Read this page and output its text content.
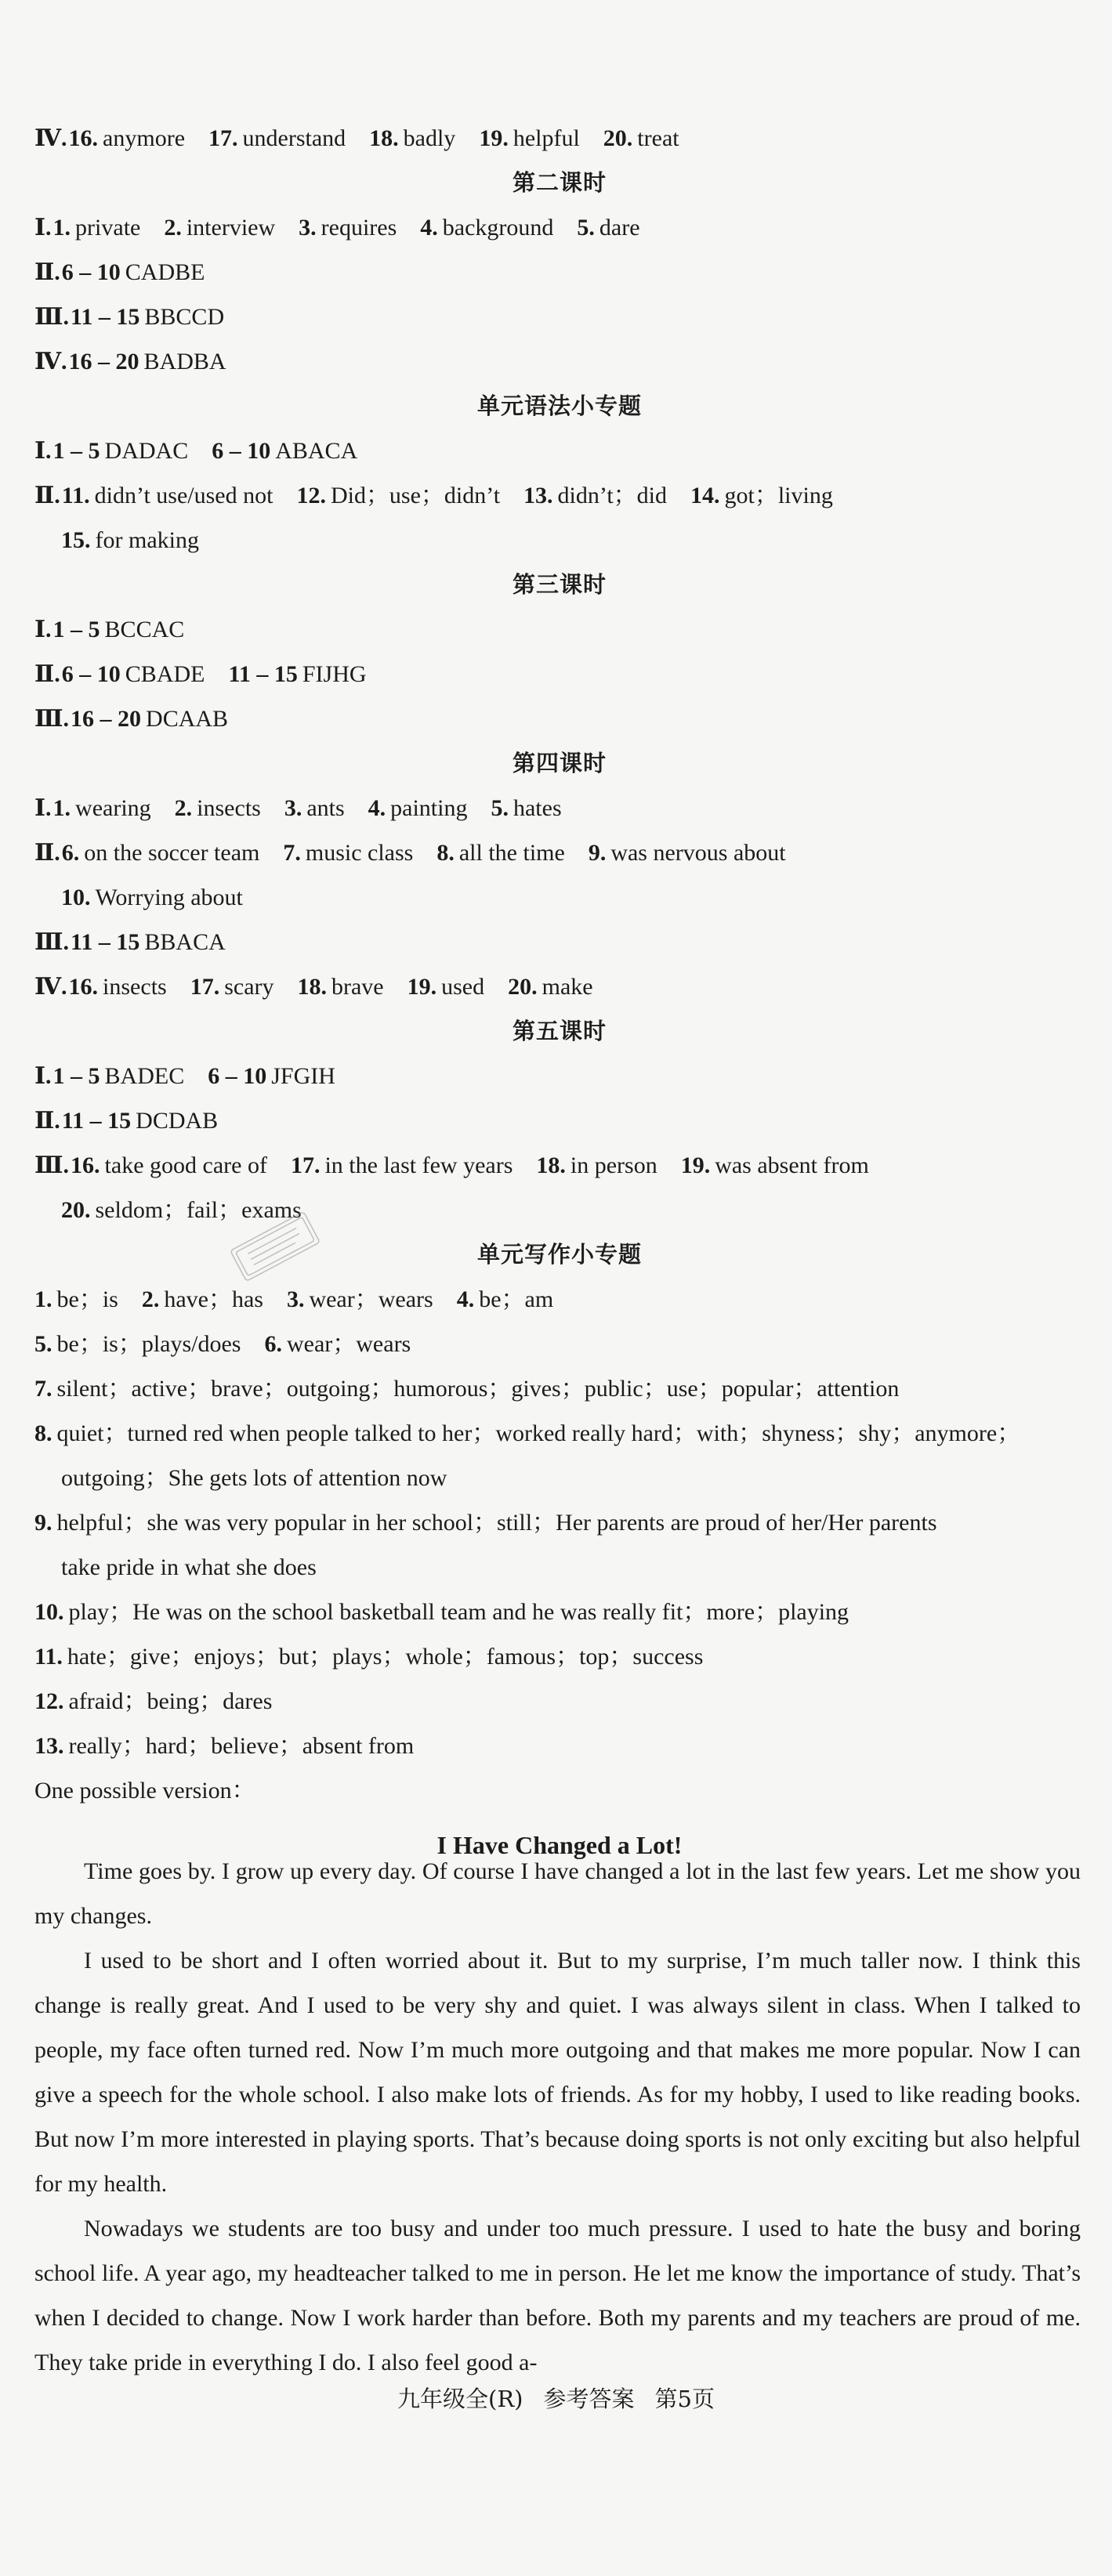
Ⅳ.16. anymore 17. understand 18. badly 19. helpful 20. treat
第二课时
Ⅰ.1. private 2. interview 3. requires 4. background 5. dare
Ⅱ.6 – 10 CADBE
Ⅲ.11 – 15 BBCCD
Ⅳ.16 – 20 BADBA
单元语法小专题
Ⅰ.1 – 5 DADAC 6 – 10 ABACA
Ⅱ.11. didn’t use/used not 12. Did；use；didn’t 13. didn’t；did 14. got；living
15. for making
第三课时
Ⅰ.1 – 5 BCCAC
Ⅱ.6 – 10 CBADE 11 – 15 FIJHG
Ⅲ.16 – 20 DCAAB
第四课时
Ⅰ.1. wearing 2. insects 3. ants 4. painting 5. hates
Ⅱ.6. on the soccer team 7. music class 8. all the time 9. was nervous about
10. Worrying about
Ⅲ.11 – 15 BBACA
Ⅳ.16. insects 17. scary 18. brave 19. used 20. make
第五课时
Ⅰ.1 – 5 BADEC 6 – 10 JFGIH
Ⅱ.11 – 15 DCDAB
Ⅲ.16. take good care of 17. in the last few years 18. in person 19. was absent from
20. seldom；fail；exams
单元写作小专题
1. be；is 2. have；has 3. wear；wears 4. be；am
5. be；is；plays/does 6. wear；wears
7. silent；active；brave；outgoing；humorous；gives；public；use；popular；attention
8. quiet；turned red when people talked to her；worked really hard；with；shyness；shy；anymore；
outgoing；She gets lots of attention now
9. helpful；she was very popular in her school；still；Her parents are proud of her/Her parents
take pride in what she does
10. play；He was on the school basketball team and he was really fit；more；playing
11. hate；give；enjoys；but；plays；whole；famous；top；success
12. afraid；being；dares
13. really；hard；believe；absent from
One possible version：
I Have Changed a Lot!

Time goes by. I grow up every day. Of course I have changed a lot in the last few years. Let me show you my changes.

I used to be short and I often worried about it. But to my surprise, I’m much taller now. I think this change is really great. And I used to be very shy and quiet. I was always silent in class. When I talked to people, my face often turned red. Now I’m much more outgoing and that makes me more popular. Now I can give a speech for the whole school. I also make lots of friends. As for my hobby, I used to like reading books. But now I’m more interested in playing sports. That’s because doing sports is not only exciting but also helpful for my health.

Nowadays we students are too busy and under too much pressure. I used to hate the busy and boring school life. A year ago, my headteacher talked to me in person. He let me know the importance of study. That’s when I decided to change. Now I work harder than before. Both my parents and my teachers are proud of me. They take pride in everything I do. I also feel good a-

九年级全(R) 参考答案 第5页
